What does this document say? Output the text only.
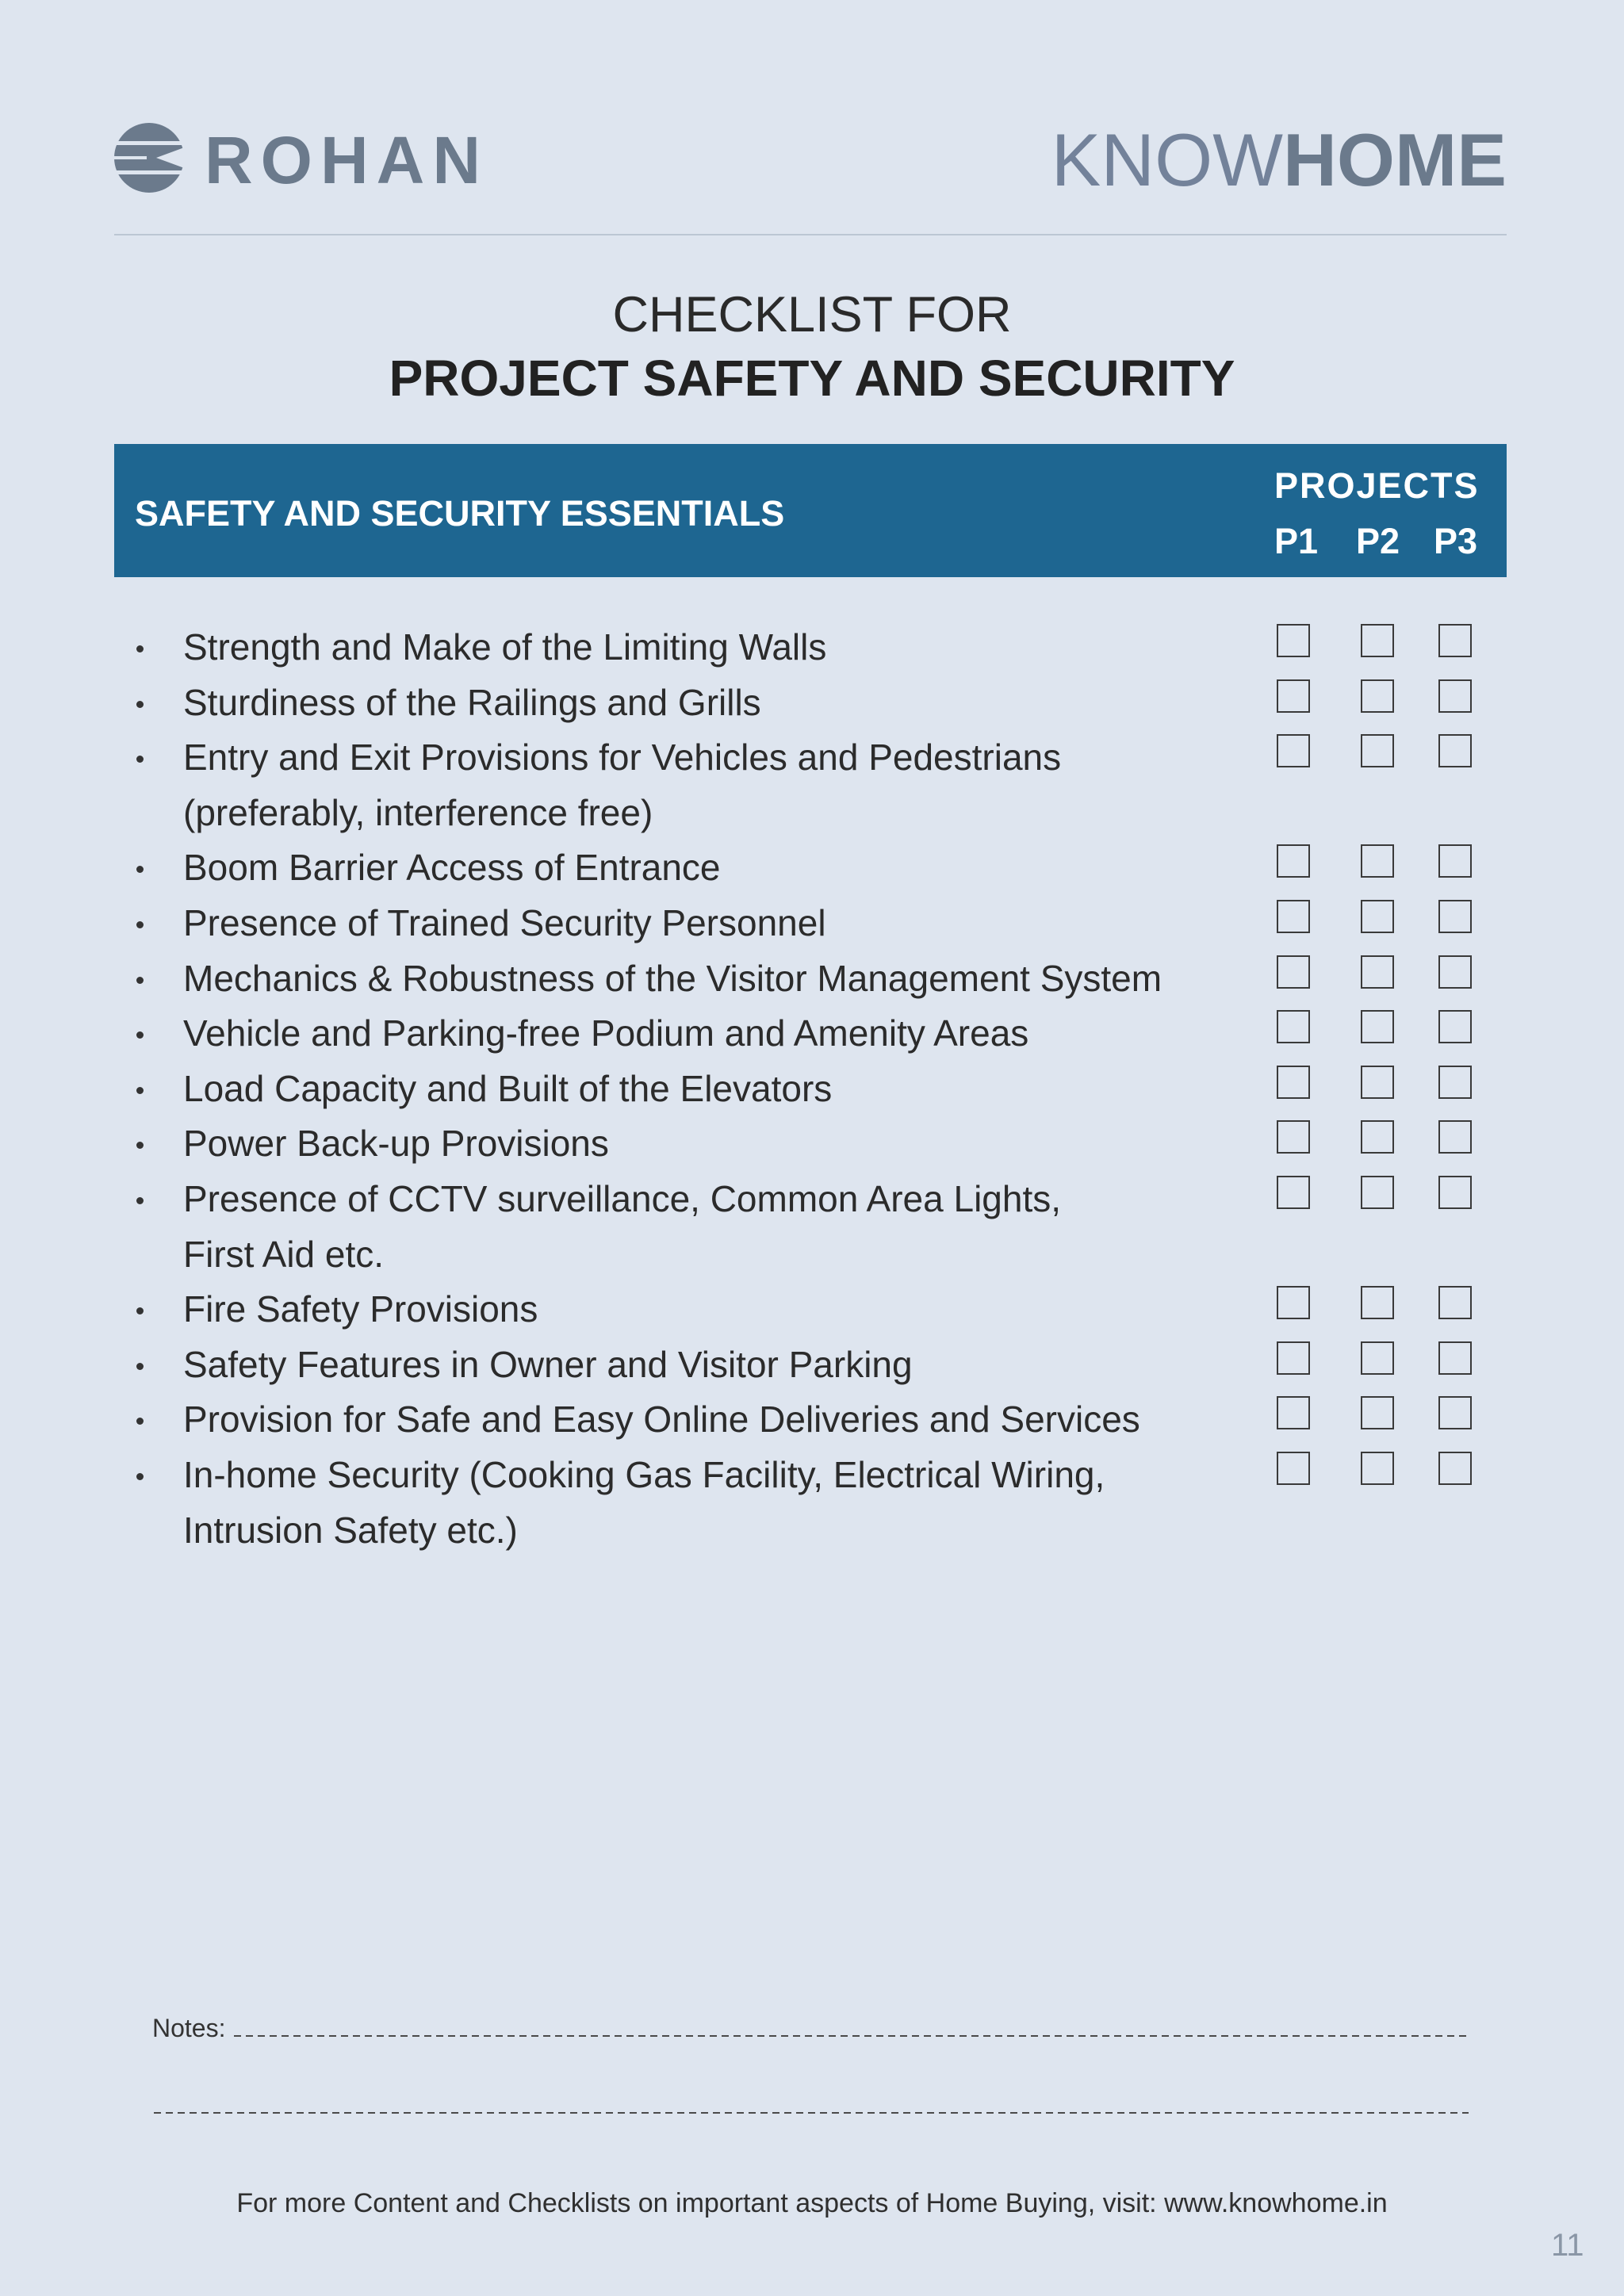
ROHAN	KNOWHOME
CHECKLIST FOR
PROJECT SAFETY AND SECURITY
SAFETY AND SECURITY ESSENTIALS
PROJECTS
P1 P2 P3
Strength and Make of the Limiting Walls
Sturdiness of the Railings and Grills
Entry and Exit Provisions for Vehicles and Pedestrians
(preferably, interference free)
Boom Barrier Access of Entrance
Presence of Trained Security Personnel
Mechanics & Robustness of the Visitor Management System
Vehicle and Parking-free Podium and Amenity Areas
Load Capacity and Built of the Elevators
Power Back-up Provisions
Presence of CCTV surveillance, Common Area Lights,
First Aid etc.
Fire Safety Provisions
Safety Features in Owner and Visitor Parking
Provision for Safe and Easy Online Deliveries and Services
In-home Security (Cooking Gas Facility, Electrical Wiring,
Intrusion Safety etc.)
Notes:
For more Content and Checklists on important aspects of Home Buying, visit: www.knowhome.in
11
